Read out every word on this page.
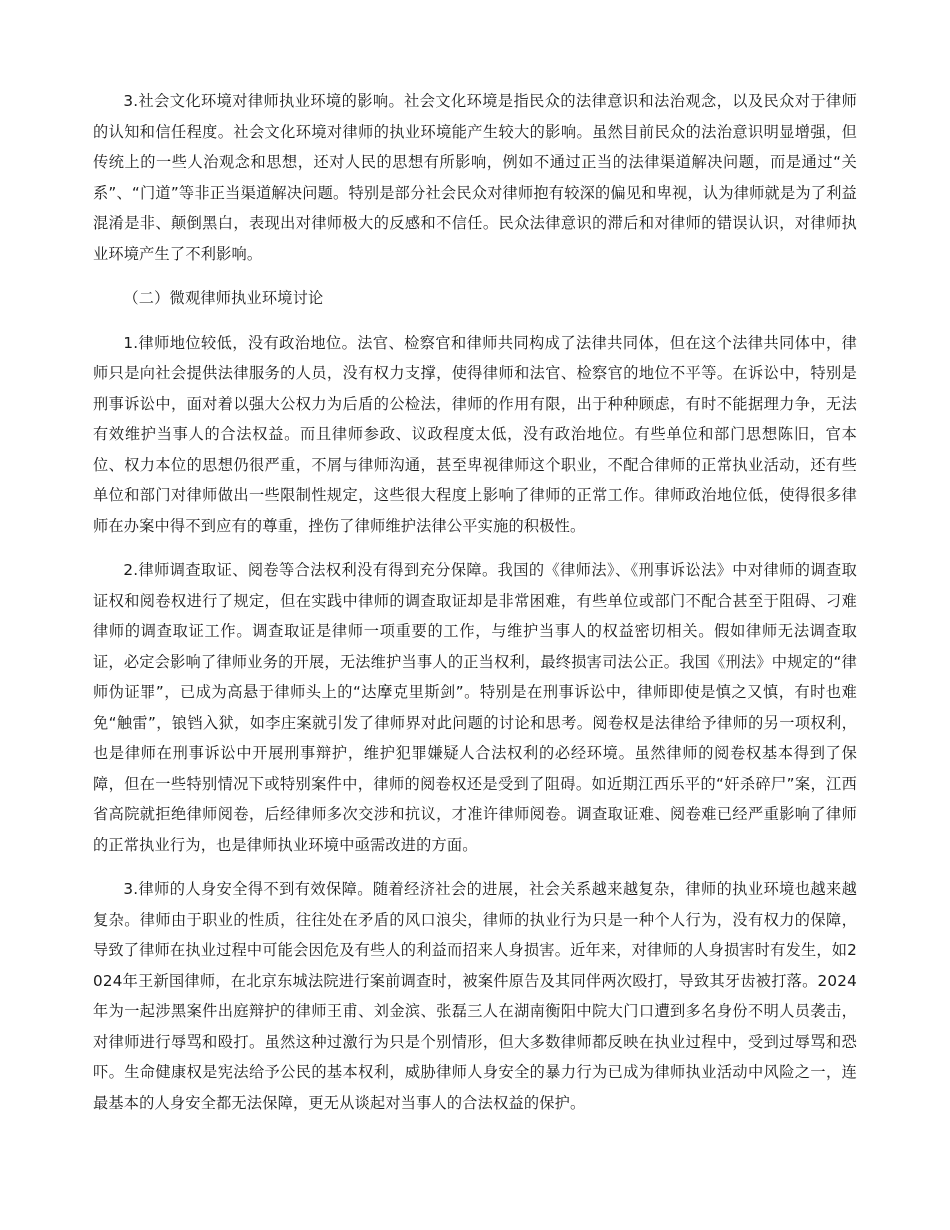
3.社会文化环境对律师执业环境的影响。社会文化环境是指民众的法律意识和法治观念，以及民众对于律师的认知和信任程度。社会文化环境对律师的执业环境能产生较大的影响。虽然目前民众的法治意识明显增强，但传统上的一些人治观念和思想，还对人民的思想有所影响，例如不通过正当的法律渠道解决问题，而是通过“关系”、“门道”等非正当渠道解决问题。特别是部分社会民众对律师抱有较深的偏见和卑视，认为律师就是为了利益混淆是非、颠倒黑白，表现出对律师极大的反感和不信任。民众法律意识的滞后和对律师的错误认识，对律师执业环境产生了不利影响。

（二）微观律师执业环境讨论

1.律师地位较低，没有政治地位。法官、检察官和律师共同构成了法律共同体，但在这个法律共同体中，律师只是向社会提供法律服务的人员，没有权力支撑，使得律师和法官、检察官的地位不平等。在诉讼中，特别是刑事诉讼中，面对着以强大公权力为后盾的公检法，律师的作用有限，出于种种顾虑，有时不能据理力争，无法有效维护当事人的合法权益。而且律师参政、议政程度太低，没有政治地位。有些单位和部门思想陈旧，官本位、权力本位的思想仍很严重，不屑与律师沟通，甚至卑视律师这个职业，不配合律师的正常执业活动，还有些单位和部门对律师做出一些限制性规定，这些很大程度上影响了律师的正常工作。律师政治地位低，使得很多律师在办案中得不到应有的尊重，挫伤了律师维护法律公平实施的积极性。

2.律师调查取证、阅卷等合法权利没有得到充分保障。我国的《律师法》、《刑事诉讼法》中对律师的调查取证权和阅卷权进行了规定，但在实践中律师的调查取证却是非常困难，有些单位或部门不配合甚至于阻碍、刁难律师的调查取证工作。调查取证是律师一项重要的工作，与维护当事人的权益密切相关。假如律师无法调查取证，必定会影响了律师业务的开展，无法维护当事人的正当权利，最终损害司法公正。我国《刑法》中规定的“律师伪证罪”，已成为高悬于律师头上的“达摩克里斯剑”。特别是在刑事诉讼中，律师即使是慎之又慎，有时也难免“触雷”，锒铛入狱，如李庄案就引发了律师界对此问题的讨论和思考。阅卷权是法律给予律师的另一项权利，也是律师在刑事诉讼中开展刑事辩护，维护犯罪嫌疑人合法权利的必经环境。虽然律师的阅卷权基本得到了保障，但在一些特别情况下或特别案件中，律师的阅卷权还是受到了阻碍。如近期江西乐平的“奸杀碎尸”案，江西省高院就拒绝律师阅卷，后经律师多次交涉和抗议，才准许律师阅卷。调查取证难、阅卷难已经严重影响了律师的正常执业行为，也是律师执业环境中亟需改进的方面。

3.律师的人身安全得不到有效保障。随着经济社会的进展，社会关系越来越复杂，律师的执业环境也越来越复杂。律师由于职业的性质，往往处在矛盾的风口浪尖，律师的执业行为只是一种个人行为，没有权力的保障，导致了律师在执业过程中可能会因危及有些人的利益而招来人身损害。近年来，对律师的人身损害时有发生，如2024年王新国律师，在北京东城法院进行案前调查时，被案件原告及其同伴两次殴打，导致其牙齿被打落。2024年为一起涉黑案件出庭辩护的律师王甫、刘金滨、张磊三人在湖南衡阳中院大门口遭到多名身份不明人员袭击，对律师进行辱骂和殴打。虽然这种过激行为只是个别情形，但大多数律师都反映在执业过程中，受到过辱骂和恐吓。生命健康权是宪法给予公民的基本权利，威胁律师人身安全的暴力行为已成为律师执业活动中风险之一，连最基本的人身安全都无法保障，更无从谈起对当事人的合法权益的保护。
